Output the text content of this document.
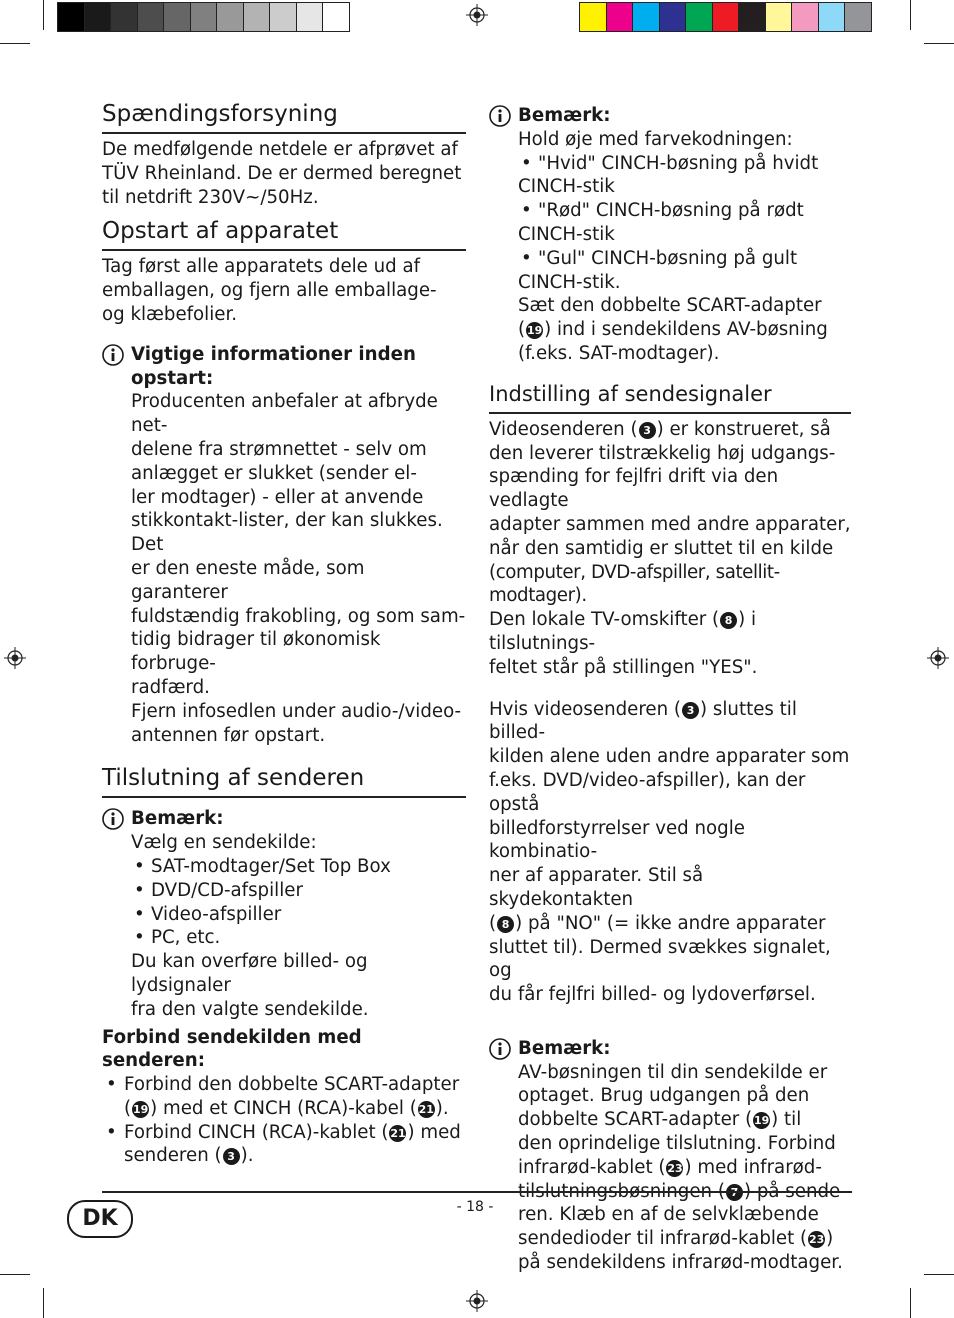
Spændingsforsyning

De medfølgende netdele er afprøvet af

TÜV Rheinland. De er dermed beregnet

til netdrift 230V~/50Hz.

Opstart af apparatet

Tag først alle apparatets dele ud af

emballagen, og fjern alle emballage-

og klæbefolier.

Vigtige informationer inden

opstart:

Producenten anbefaler at afbryde net-

delene fra strømnettet - selv om

anlægget er slukket (sender el-

ler modtager) - eller at anvende

stikkontakt-lister, der kan slukkes. Det

er den eneste måde, som garanterer

fuldstændig frakobling, og som sam-

tidig bidrager til økonomisk forbruge-

radfærd.

Fjern infosedlen under audio-/video-

antennen før opstart.

Tilslutning af senderen

Bemærk:

Vælg en sendekilde:

• SAT-modtager/Set Top Box

• DVD/CD-afspiller

• Video-afspiller

• PC, etc.

Du kan overføre billed- og lydsignaler

fra den valgte sendekilde.

Forbind sendekilden med senderen:

• Forbind den dobbelte SCART-adapter

( 19 ) med et CINCH (RCA)-kabel ( 21 ).

• Forbind CINCH (RCA)-kablet ( 21 ) med

senderen ( 3 ).

Bemærk:

Hold øje med farvekodningen:

• "Hvid" CINCH-bøsning på hvidt

CINCH-stik

• "Rød" CINCH-bøsning på rødt

CINCH-stik

• "Gul" CINCH-bøsning på gult

CINCH-stik.

Sæt den dobbelte SCART-adapter

( 19 ) ind i sendekildens AV-bøsning

(f.eks. SAT-modtager).

Indstilling af sendesignaler

Videosenderen ( 3 ) er konstrueret, så

den leverer tilstrækkelig høj udgangs-

spænding for fejlfri drift via den vedlagte

adapter sammen med andre apparater,

når den samtidig er sluttet til en kilde

(computer, DVD-afspiller, satellit-modtager).

Den lokale TV-omskifter ( 8 ) i tilslutnings-

feltet står på stillingen "YES".

Hvis videosenderen ( 3 ) sluttes til billed-

kilden alene uden andre apparater som

f.eks. DVD/video-afspiller), kan der opstå

billedforstyrrelser ved nogle kombinatio-

ner af apparater. Stil så skydekontakten

( 8 ) på "NO" (= ikke andre apparater

sluttet til). Dermed svækkes signalet, og

du får fejlfri billed- og lydoverførsel.

Bemærk:

AV-bøsningen til din sendekilde er

optaget. Brug udgangen på den

dobbelte SCART-adapter ( 19 ) til

den oprindelige tilslutning. Forbind

infrarød-kablet ( 23 ) med infrarød-

tilslutningsbøsningen ( 7 ) på sende-

ren. Klæb en af de selvklæbende

sendedioder til infrarød-kablet ( 23 )

på sendekildens infrarød-modtager.

- 18 -
DK
